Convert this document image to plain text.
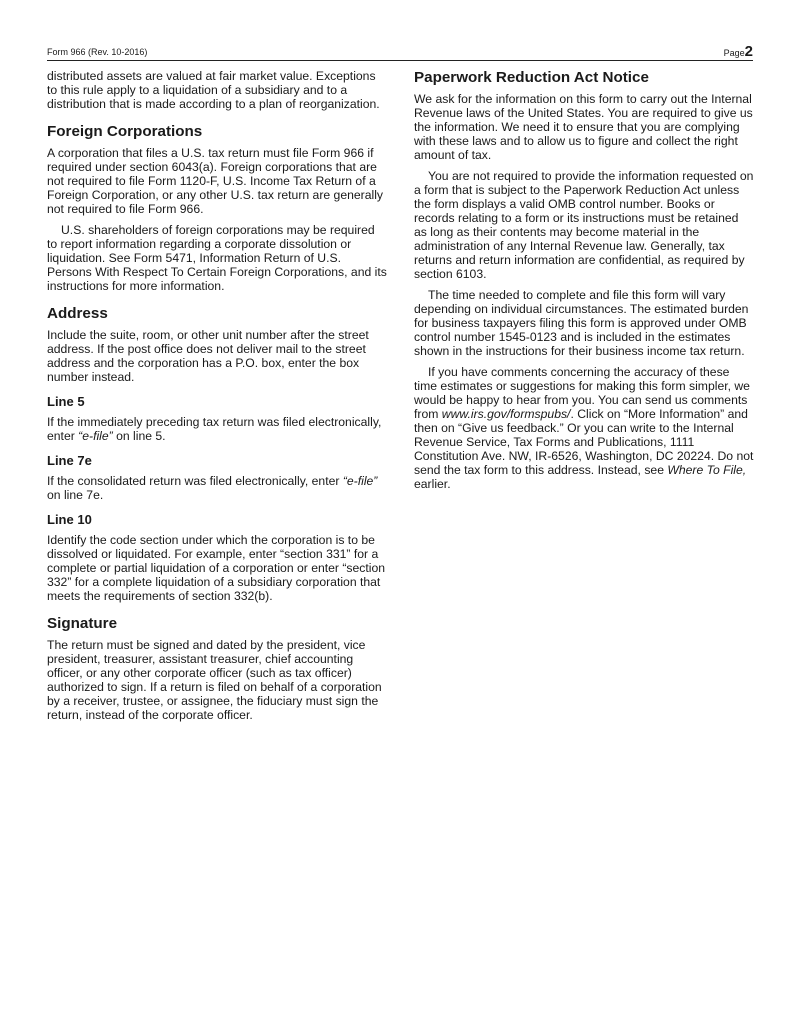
Form 966 (Rev. 10-2016)	Page2

distributed assets are valued at fair market value. Exceptions to this rule apply to a liquidation of a subsidiary and to a distribution that is made according to a plan of reorganization.

Foreign Corporations

A corporation that files a U.S. tax return must file Form 966 if required under section 6043(a). Foreign corporations that are not required to file Form 1120-F, U.S. Income Tax Return of a Foreign Corporation, or any other U.S. tax return are generally not required to file Form 966.

U.S. shareholders of foreign corporations may be required to report information regarding a corporate dissolution or liquidation. See Form 5471, Information Return of U.S. Persons With Respect To Certain Foreign Corporations, and its instructions for more information.

Address

Include the suite, room, or other unit number after the street address. If the post office does not deliver mail to the street address and the corporation has a P.O. box, enter the box number instead.

Line 5

If the immediately preceding tax return was filed electronically, enter “e-file” on line 5.

Line 7e

If the consolidated return was filed electronically, enter “e-file” on line 7e.

Line 10

Identify the code section under which the corporation is to be dissolved or liquidated. For example, enter “section 331” for a complete or partial liquidation of a corporation or enter “section 332” for a complete liquidation of a subsidiary corporation that meets the requirements of section 332(b).

Signature

The return must be signed and dated by the president, vice president, treasurer, assistant treasurer, chief accounting officer, or any other corporate officer (such as tax officer) authorized to sign. If a return is filed on behalf of a corporation by a receiver, trustee, or assignee, the fiduciary must sign the return, instead of the corporate officer.

Paperwork Reduction Act Notice

We ask for the information on this form to carry out the Internal Revenue laws of the United States. You are required to give us the information. We need it to ensure that you are complying with these laws and to allow us to figure and collect the right amount of tax.

You are not required to provide the information requested on a form that is subject to the Paperwork Reduction Act unless the form displays a valid OMB control number. Books or records relating to a form or its instructions must be retained as long as their contents may become material in the administration of any Internal Revenue law. Generally, tax returns and return information are confidential, as required by section 6103.

The time needed to complete and file this form will vary depending on individual circumstances. The estimated burden for business taxpayers filing this form is approved under OMB control number 1545-0123 and is included in the estimates shown in the instructions for their business income tax return.

If you have comments concerning the accuracy of these time estimates or suggestions for making this form simpler, we would be happy to hear from you. You can send us comments from www.irs.gov/formspubs/. Click on “More Information” and then on “Give us feedback.” Or you can write to the Internal Revenue Service, Tax Forms and Publications, 1111 Constitution Ave. NW, IR-6526, Washington, DC 20224. Do not send the tax form to this address. Instead, see Where To File, earlier.
